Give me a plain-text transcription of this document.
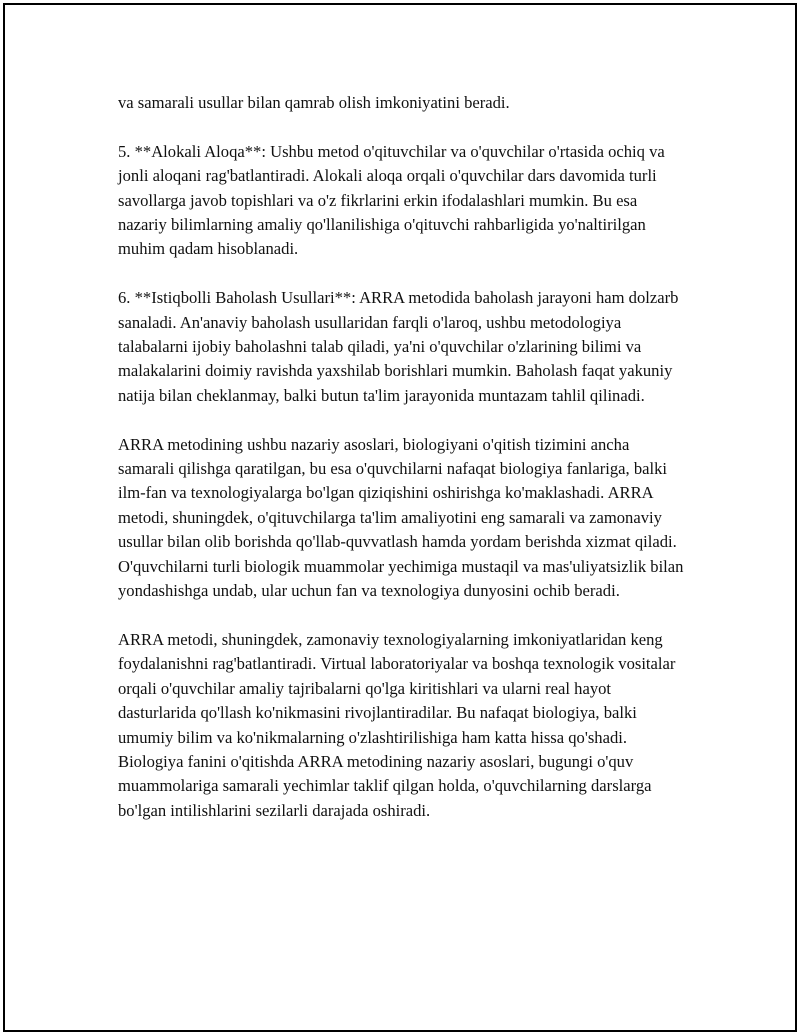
va samarali usullar bilan qamrab olish imkoniyatini beradi.

5. **Alokali Aloqa**: Ushbu metod o'qituvchilar va o'quvchilar o'rtasida ochiq va jonli aloqani rag'batlantiradi. Alokali aloqa orqali o'quvchilar dars davomida turli savollarga javob topishlari va o'z fikrlarini erkin ifodalashlari mumkin. Bu esa nazariy bilimlarning amaliy qo'llanilishiga o'qituvchi rahbarligida yo'naltirilgan muhim qadam hisoblanadi.

6. **Istiqbolli Baholash Usullari**: ARRA metodida baholash jarayoni ham dolzarb sanaladi. An'anaviy baholash usullaridan farqli o'laroq, ushbu metodologiya talabalarni ijobiy baholashni talab qiladi, ya'ni o'quvchilar o'zlarining bilimi va malakalarini doimiy ravishda yaxshilab borishlari mumkin. Baholash faqat yakuniy natija bilan cheklanmay, balki butun ta'lim jarayonida muntazam tahlil qilinadi.

ARRA metodining ushbu nazariy asoslari, biologiyani o'qitish tizimini ancha samarali qilishga qaratilgan, bu esa o'quvchilarni nafaqat biologiya fanlariga, balki ilm-fan va texnologiyalarga bo'lgan qiziqishini oshirishga ko'maklashadi. ARRA metodi, shuningdek, o'qituvchilarga ta'lim amaliyotini eng samarali va zamonaviy usullar bilan olib borishda qo'llab-quvvatlash hamda yordam berishda xizmat qiladi. O'quvchilarni turli biologik muammolar yechimiga mustaqil va mas'uliyatsizlik bilan yondashishga undab, ular uchun fan va texnologiya dunyosini ochib beradi.

ARRA metodi, shuningdek, zamonaviy texnologiyalarning imkoniyatlaridan keng foydalanishni rag'batlantiradi. Virtual laboratoriyalar va boshqa texnologik vositalar orqali o'quvchilar amaliy tajribalarni qo'lga kiritishlari va ularni real hayot dasturlarida qo'llash ko'nikmasini rivojlantiradilar. Bu nafaqat biologiya, balki umumiy bilim va ko'nikmalarning o'zlashtirilishiga ham katta hissa qo'shadi. Biologiya fanini o'qitishda ARRA metodining nazariy asoslari, bugungi o'quv muammolariga samarali yechimlar taklif qilgan holda, o'quvchilarning darslarga bo'lgan intilishlarini sezilarli darajada oshiradi.
